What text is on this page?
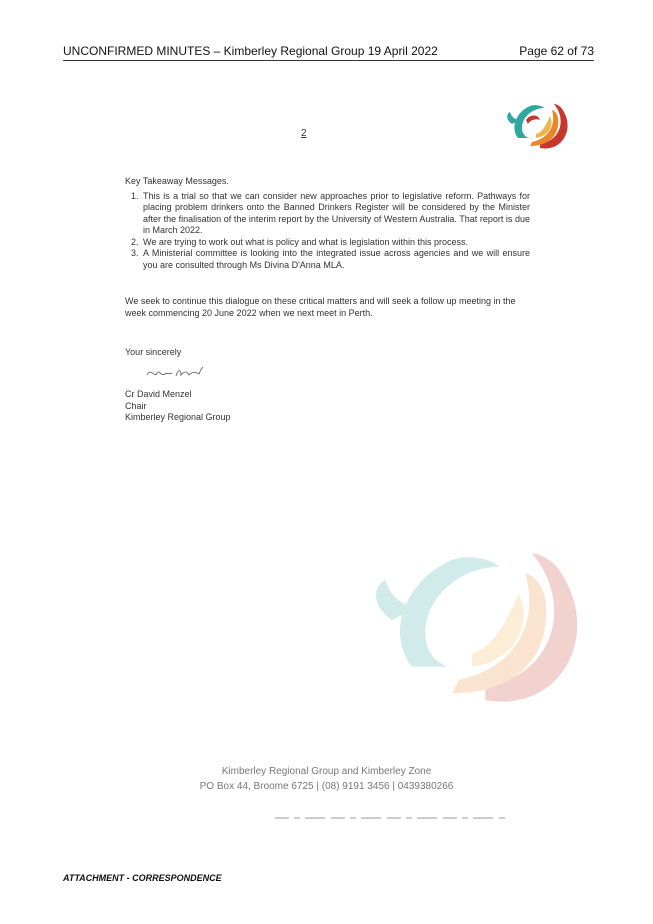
UNCONFIRMED MINUTES – Kimberley Regional Group 19 April 2022	Page 62 of 73
2

Key Takeaway Messages.

1. This is a trial so that we can consider new approaches prior to legislative reform. Pathways for placing problem drinkers onto the Banned Drinkers Register will be considered by the Minister after the finalisation of the interim report by the University of Western Australia. That report is due in March 2022.
2. We are trying to work out what is policy and what is legislation within this process.
3. A Ministerial committee is looking into the integrated issue across agencies and we will ensure you are consulted through Ms Divina D'Anna MLA.

We seek to continue this dialogue on these critical matters and will seek a follow up meeting in the week commencing 20 June 2022 when we next meet in Perth.

Your sincerely

Cr David Menzel
Chair
Kimberley Regional Group
Kimberley Regional Group and Kimberley Zone
PO Box 44, Broome 6725 | (08) 9191 3456 | 0439380266
ATTACHMENT - CORRESPONDENCE
